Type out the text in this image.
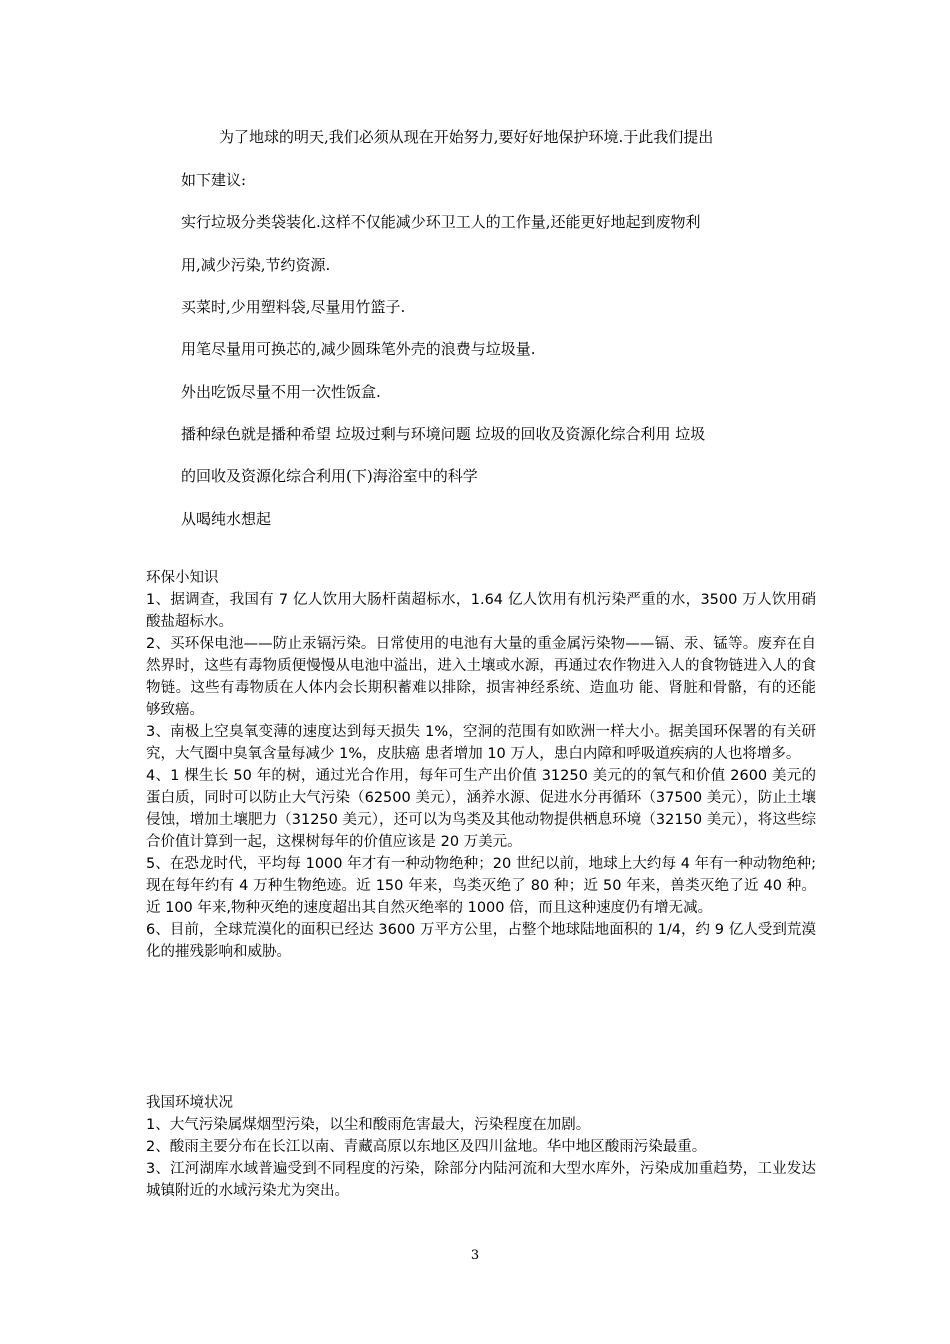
为了地球的明天,我们必须从现在开始努力,要好好地保护环境.于此我们提出

如下建议:

实行垃圾分类袋装化.这样不仅能减少环卫工人的工作量,还能更好地起到废物利

用,减少污染,节约资源.

买菜时,少用塑料袋,尽量用竹篮子.

用笔尽量用可换芯的,减少圆珠笔外壳的浪费与垃圾量.

外出吃饭尽量不用一次性饭盒.

播种绿色就是播种希望 垃圾过剩与环境问题 垃圾的回收及资源化综合利用 垃圾

的回收及资源化综合利用(下)海浴室中的科学

从喝纯水想起

环保小知识

1、据调查，我国有 7 亿人饮用大肠杆菌超标水，1.64 亿人饮用有机污染严重的水，3500 万人饮用硝酸盐超标水。

2、买环保电池——防止汞镉污染。日常使用的电池有大量的重金属污染物——镉、汞、锰等。废弃在自然界时，这些有毒物质便慢慢从电池中溢出，进入土壤或水源，再通过农作物进入人的食物链进入人的食物链。这些有毒物质在人体内会长期积蓄难以排除，损害神经系统、造血功 能、肾脏和骨骼，有的还能够致癌。

3、南极上空臭氧变薄的速度达到每天损失 1%，空洞的范围有如欧洲一样大小。据美国环保署的有关研究，大气圈中臭氧含量每减少 1%，皮肤癌 患者增加 10 万人，患白内障和呼吸道疾病的人也将增多。

4、1 棵生长 50 年的树，通过光合作用，每年可生产出价值 31250 美元的的氧气和价值 2600 美元的蛋白质，同时可以防止大气污染（62500 美元），涵养水源、促进水分再循环（37500 美元），防止土壤侵蚀，增加土壤肥力（31250 美元），还可以为鸟类及其他动物提供栖息环境（32150 美元），将这些综合价值计算到一起，这棵树每年的价值应该是 20 万美元。

5、在恐龙时代，平均每 1000 年才有一种动物绝种；20 世纪以前，地球上大约每 4 年有一种动物绝种;现在每年约有 4 万种生物绝迹。近 150 年来，鸟类灭绝了 80 种；近 50 年来，兽类灭绝了近 40 种。近 100 年来,物种灭绝的速度超出其自然灭绝率的 1000 倍，而且这种速度仍有增无减。

6、目前，全球荒漠化的面积已经达 3600 万平方公里，占整个地球陆地面积的 1/4，约 9 亿人受到荒漠化的摧残影响和威胁。

我国环境状况

1、大气污染属煤烟型污染，以尘和酸雨危害最大，污染程度在加剧。

2、酸雨主要分布在长江以南、青藏高原以东地区及四川盆地。华中地区酸雨污染最重。

3、江河湖库水域普遍受到不同程度的污染，除部分内陆河流和大型水库外，污染成加重趋势，工业发达城镇附近的水域污染尤为突出。

3
